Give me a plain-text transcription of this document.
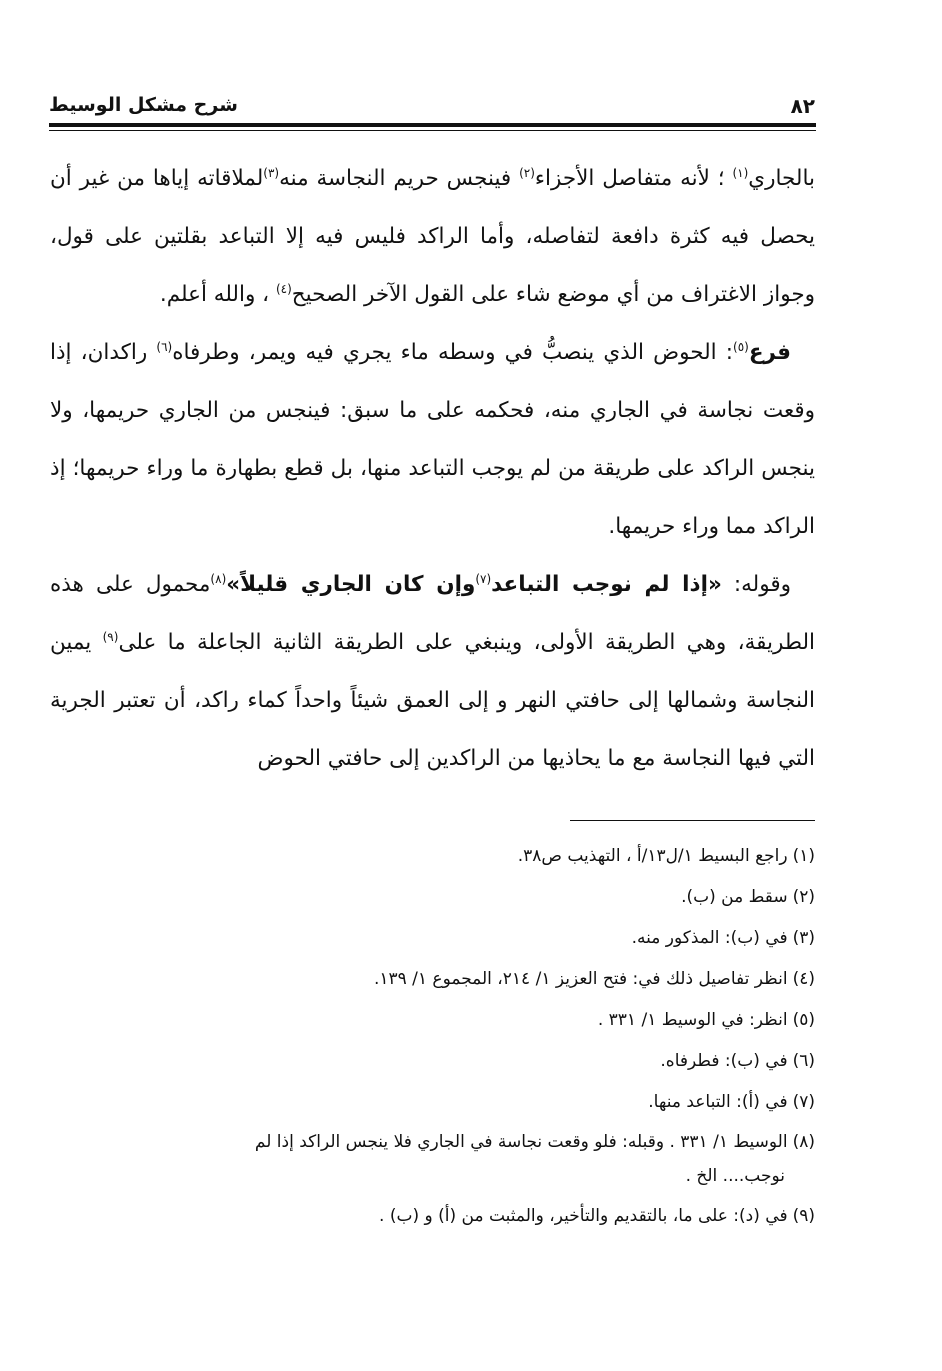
٨٢
شرح مشكل الوسيط

بالجاري$^{(١)}$ ؛ لأنه متفاصل الأجزاء$^{(٢)}$ فينجس حريم النجاسة منه$^{(٣)}$لملاقاته إياها من غير أن يحصل فيه كثرة دافعة لتفاصله، وأما الراكد فليس فيه إلا التباعد بقلتين على قول، وجواز الاغتراف من أي موضع شاء على القول الآخر الصحيح$^{(٤)}$ ، والله أعلم.

فرع$^{(٥)}$: الحوض الذي ينصبُّ في وسطه ماء يجري فيه ويمر، وطرفاه$^{(٦)}$ راكدان، إذا وقعت نجاسة في الجاري منه، فحكمه على ما سبق: فينجس من الجاري حريمها، ولا ينجس الراكد على طريقة من لم يوجب التباعد منها، بل قطع بطهارة ما وراء حريمها؛ إذ الراكد مما وراء حريمها.

وقوله: «إذا لم نوجب التباعد$^{(٧)}$وإن كان الجاري قليلاً»$^{(٨)}$محمول على هذه الطريقة، وهي الطريقة الأولى، وينبغي على الطريقة الثانية الجاعلة ما على$^{(٩)}$ يمين النجاسة وشمالها إلى حافتي النهر و إلى العمق شيئاً واحداً كماء راكد، أن تعتبر الجرية التي فيها النجاسة مع ما يحاذيها من الراكدين إلى حافتي الحوض

(١)راجع البسيط ١/ل١٣/أ ، التهذيب ص٣٨.

(٢)سقط من (ب).

(٣)في (ب): المذكور منه.

(٤)انظر تفاصيل ذلك في: فتح العزيز ١/ ٢١٤، المجموع ١/ ١٣٩.

(٥)انظر: في الوسيط ١/ ٣٣١ .

(٦)في (ب): فطرفاه.

(٧)في (أ): التباعد منها.

(٨)الوسيط ١/ ٣٣١ . وقبله: فلو وقعت نجاسة في الجاري فلا ينجس الراكد إذا لم
نوجب.... الخ .

(٩)في (د): على ما، بالتقديم والتأخير، والمثبت من (أ) و (ب) .
